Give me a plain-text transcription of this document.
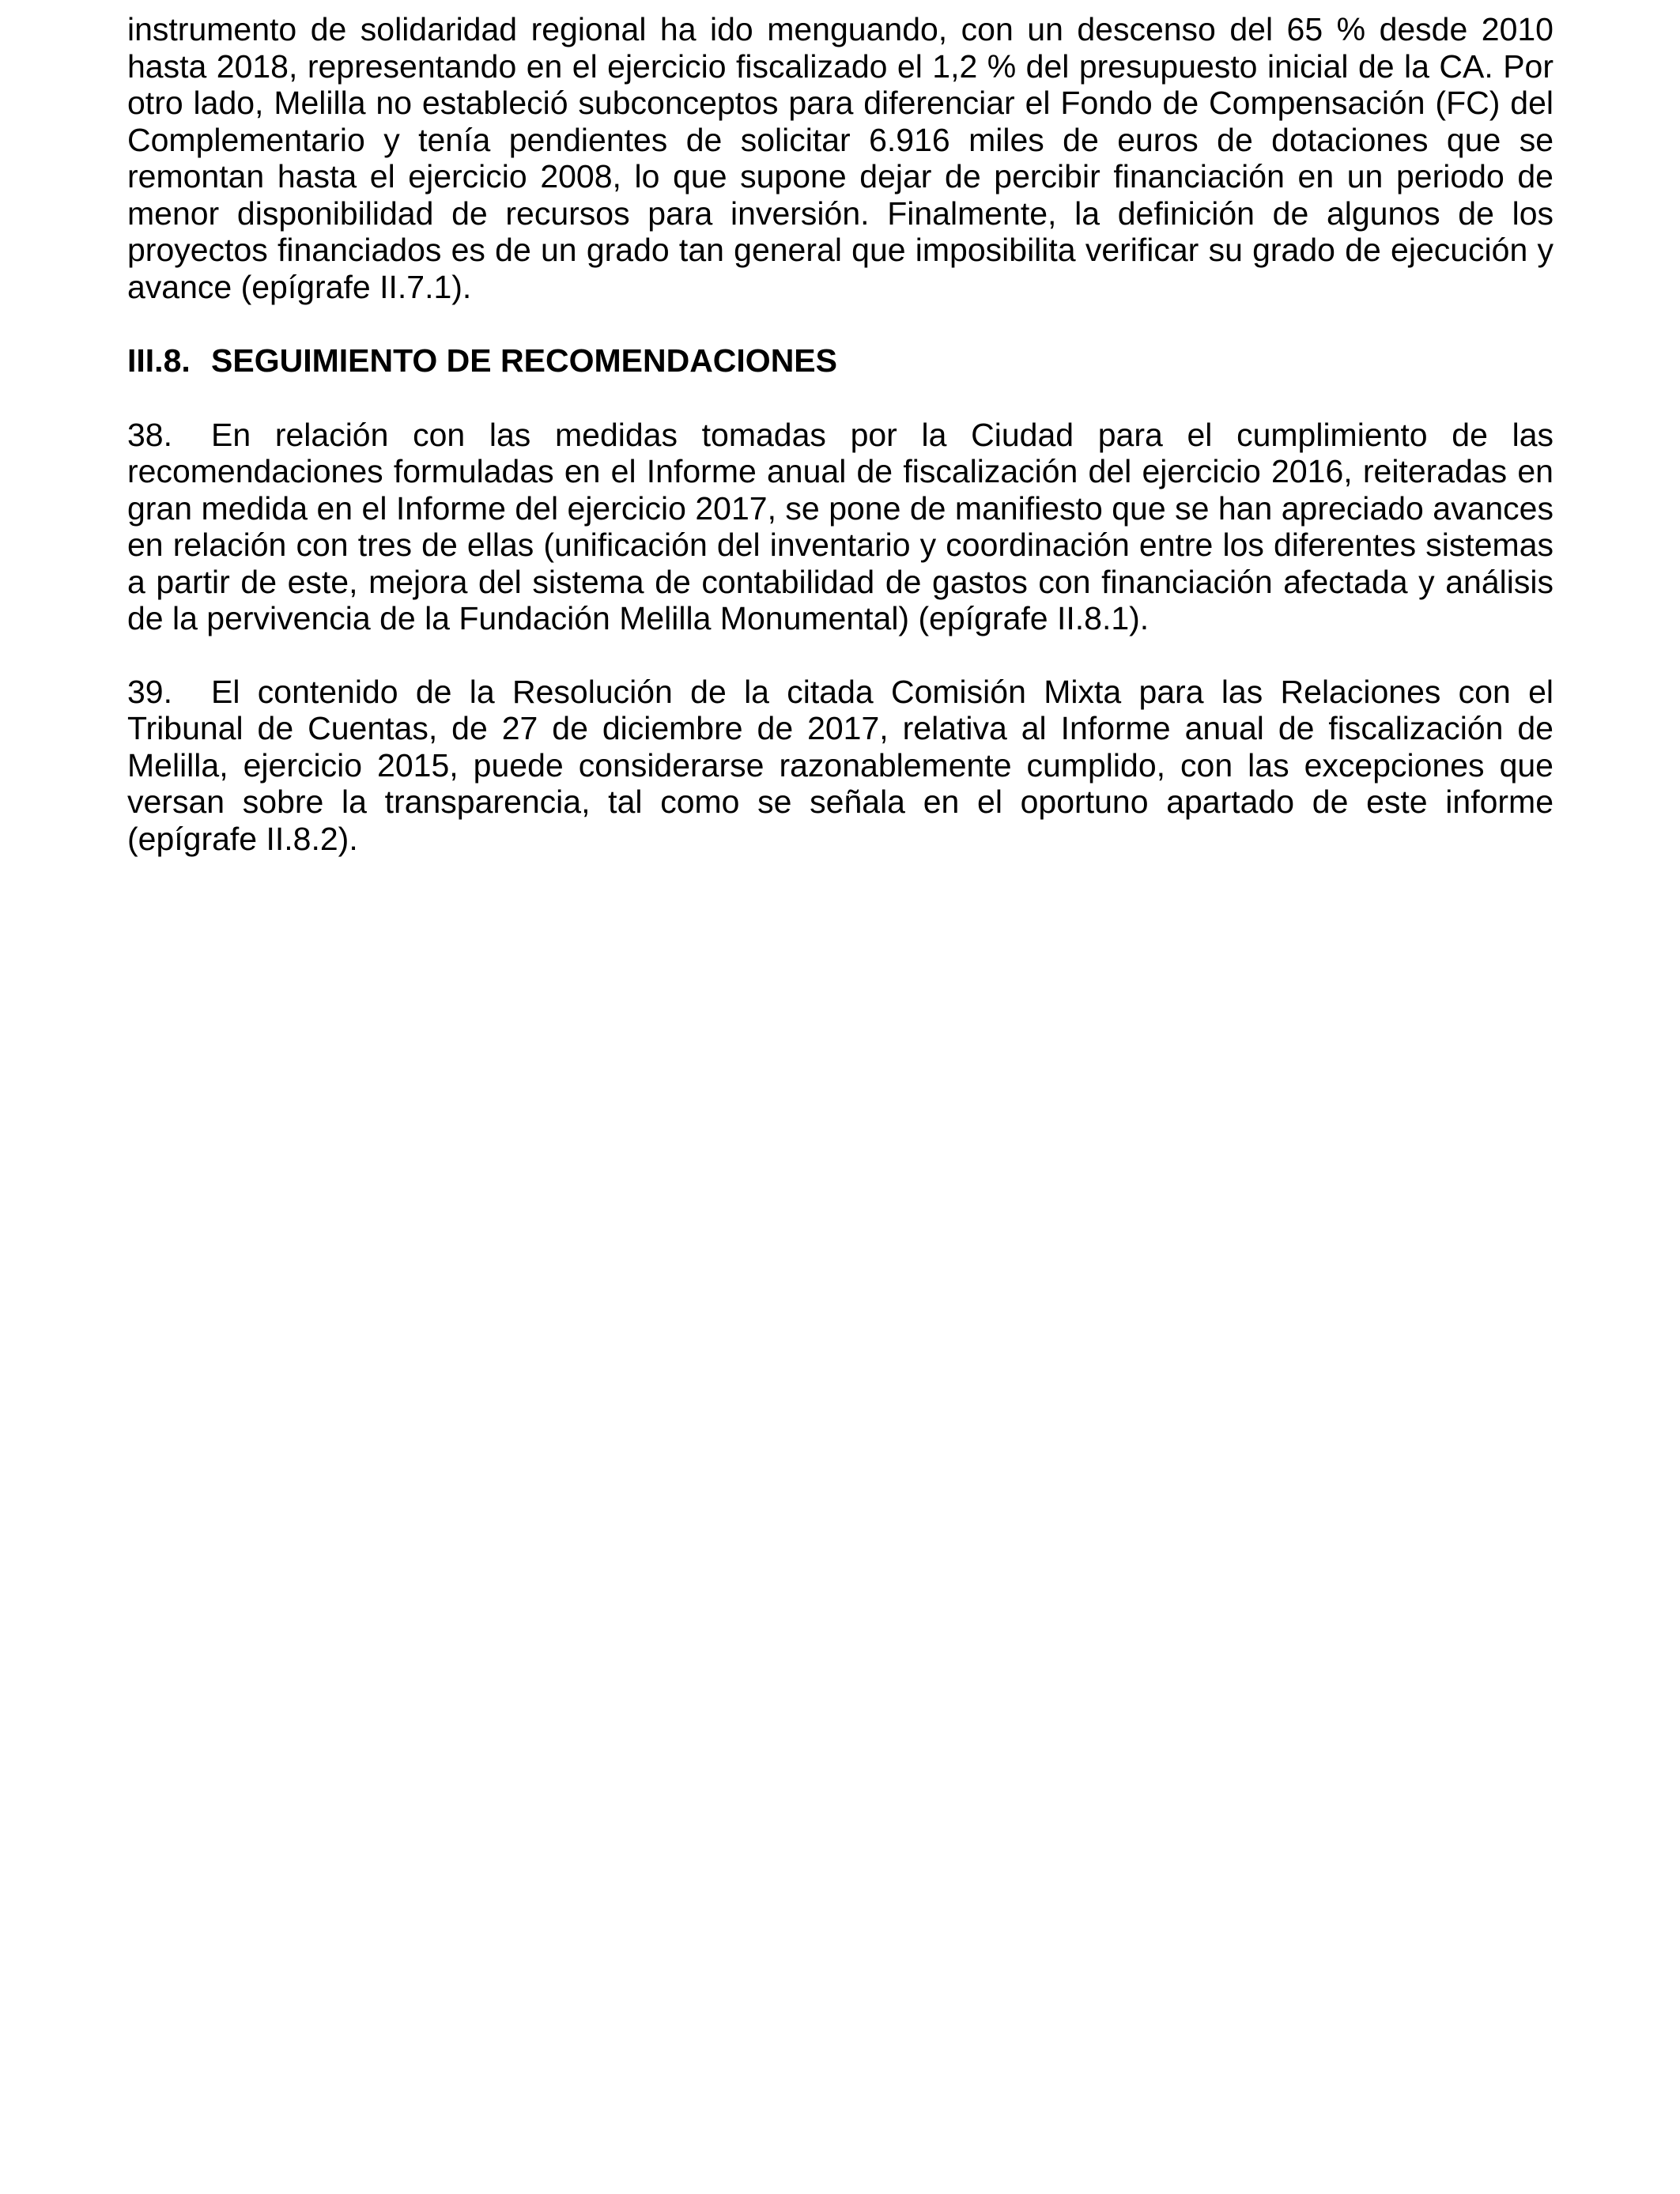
instrumento de solidaridad regional ha ido menguando, con un descenso del 65 % desde 2010 hasta 2018, representando en el ejercicio fiscalizado el 1,2 % del presupuesto inicial de la CA. Por otro lado, Melilla no estableció subconceptos para diferenciar el Fondo de Compensación (FC) del Complementario y tenía pendientes de solicitar 6.916 miles de euros de dotaciones que se remontan hasta el ejercicio 2008, lo que supone dejar de percibir financiación en un periodo de menor disponibilidad de recursos para inversión. Finalmente, la definición de algunos de los proyectos financiados es de un grado tan general que imposibilita verificar su grado de ejecución y avance (epígrafe II.7.1).

III.8. SEGUIMIENTO DE RECOMENDACIONES

38. En relación con las medidas tomadas por la Ciudad para el cumplimiento de las recomendaciones formuladas en el Informe anual de fiscalización del ejercicio 2016, reiteradas en gran medida en el Informe del ejercicio 2017, se pone de manifiesto que se han apreciado avances en relación con tres de ellas (unificación del inventario y coordinación entre los diferentes sistemas a partir de este, mejora del sistema de contabilidad de gastos con financiación afectada y análisis de la pervivencia de la Fundación Melilla Monumental) (epígrafe II.8.1).

39. El contenido de la Resolución de la citada Comisión Mixta para las Relaciones con el Tribunal de Cuentas, de 27 de diciembre de 2017, relativa al Informe anual de fiscalización de Melilla, ejercicio 2015, puede considerarse razonablemente cumplido, con las excepciones que versan sobre la transparencia, tal como se señala en el oportuno apartado de este informe (epígrafe II.8.2).
